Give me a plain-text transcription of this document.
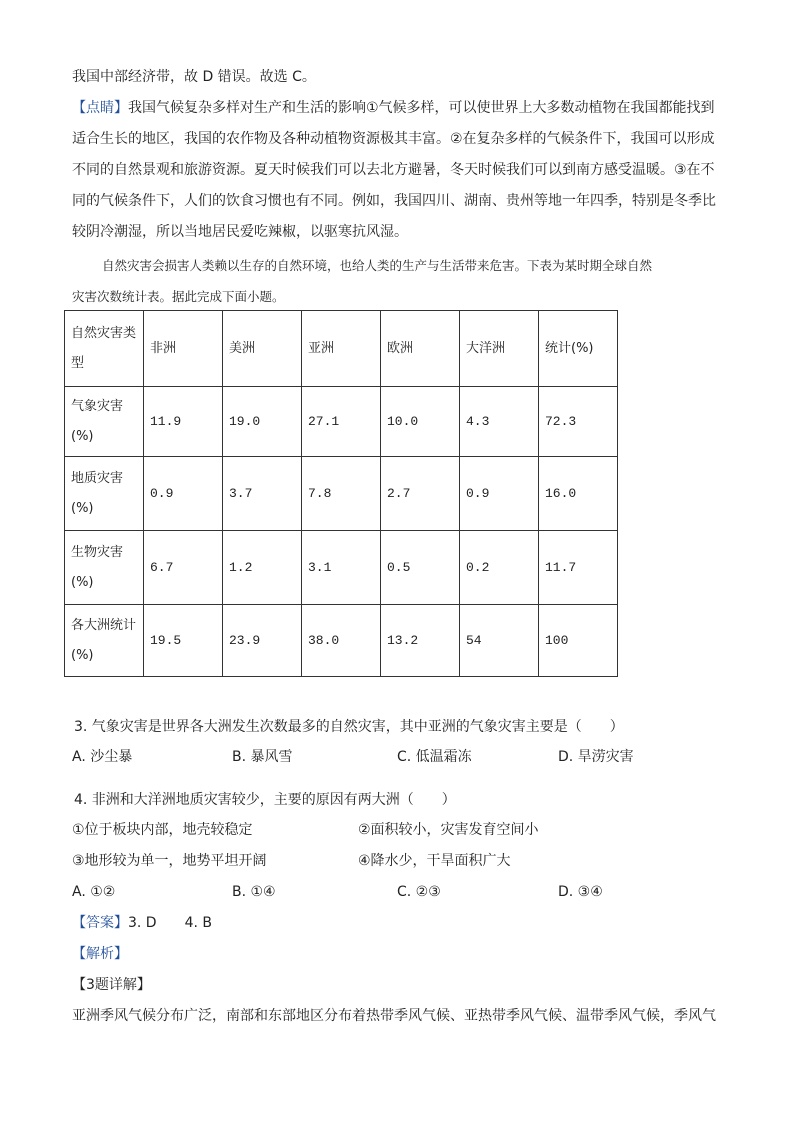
我国中部经济带，故 D 错误。故选 C。
【点睛】我国气候复杂多样对生产和生活的影响①气候多样，可以使世界上大多数动植物在我国都能找到
适合生长的地区，我国的农作物及各种动植物资源极其丰富。②在复杂多样的气候条件下，我国可以形成
不同的自然景观和旅游资源。夏天时候我们可以去北方避暑，冬天时候我们可以到南方感受温暖。③在不
同的气候条件下，人们的饮食习惯也有不同。例如，我国四川、湖南、贵州等地一年四季，特别是冬季比
较阴冷潮湿，所以当地居民爱吃辣椒，以驱寒抗风湿。
自然灾害会损害人类赖以生存的自然环境，也给人类的生产与生活带来危害。下表为某时期全球自然
灾害次数统计表。据此完成下面小题。
自然灾害类型	非洲	美洲	亚洲	欧洲	大洋洲	统计(%)
气象灾害(%)	11.9	19.0	27.1	10.0	4.3	72.3
地质灾害(%)	0.9	3.7	7.8	2.7	0.9	16.0
生物灾害(%)	6.7	1.2	3.1	0.5	0.2	11.7
各大洲统计(%)	19.5	23.9	38.0	13.2	54	100
3. 气象灾害是世界各大洲发生次数最多的自然灾害，其中亚洲的气象灾害主要是（　　）
A. 沙尘暴	B. 暴风雪	C. 低温霜冻	D. 旱涝灾害
4. 非洲和大洋洲地质灾害较少，主要的原因有两大洲（　　）
①位于板块内部，地壳较稳定	②面积较小，灾害发育空间小
③地形较为单一，地势平坦开阔	④降水少，干旱面积广大
A. ①②	B. ①④	C. ②③	D. ③④
【答案】3. D　　4. B
【解析】
【3题详解】
亚洲季风气候分布广泛，南部和东部地区分布着热带季风气候、亚热带季风气候、温带季风气候，季风气
